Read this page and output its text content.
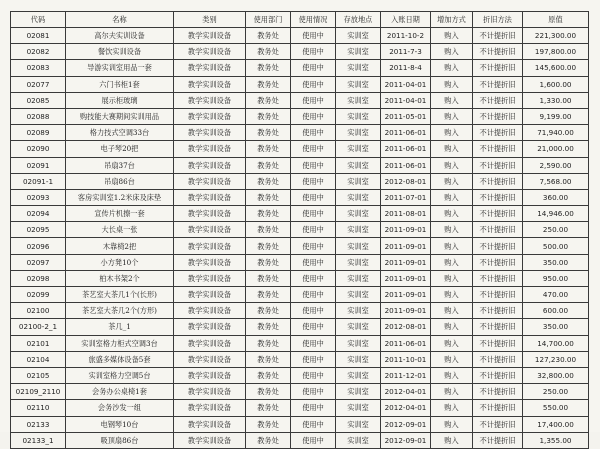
代码	名称	类别	使用部门	使用情况	存放地点	入账日期	增加方式	折旧方法	原值
02081	高尔夫实训设备	教学实训设备	教务处	使用中	实训室	2011-10-2	购入	不计提折旧	221,300.00
02082	餐饮实训设备	教学实训设备	教务处	使用中	实训室	2011-7-3	购入	不计提折旧	197,800.00
02083	导游实训室用品一套	教学实训设备	教务处	使用中	实训室	2011-8-4	购入	不计提折旧	145,600.00
02077	六门书柜1套	教学实训设备	教务处	使用中	实训室	2011-04-01	购入	不计提折旧	1,600.00
02085	展示柜玻璃	教学实训设备	教务处	使用中	实训室	2011-04-01	购入	不计提折旧	1,330.00
02088	购技能大赛期间实训用品	教学实训设备	教务处	使用中	实训室	2011-05-01	购入	不计提折旧	9,199.00
02089	格力技式空调33台	教学实训设备	教务处	使用中	实训室	2011-06-01	购入	不计提折旧	71,940.00
02090	电子琴20把	教学实训设备	教务处	使用中	实训室	2011-06-01	购入	不计提折旧	21,000.00
02091	吊扇37台	教学实训设备	教务处	使用中	实训室	2011-06-01	购入	不计提折旧	2,590.00
02091-1	吊扇86台	教学实训设备	教务处	使用中	实训室	2012-08-01	购入	不计提折旧	7,568.00
02093	客房实训室1.2米床及床垫	教学实训设备	教务处	使用中	实训室	2011-07-01	购入	不计提折旧	360.00
02094	宣传片机擦一套	教学实训设备	教务处	使用中	实训室	2011-08-01	购入	不计提折旧	14,946.00
02095	大长桌一张	教学实训设备	教务处	使用中	实训室	2011-09-01	购入	不计提折旧	250.00
02096	木靠椅2把	教学实训设备	教务处	使用中	实训室	2011-09-01	购入	不计提折旧	500.00
02097	小方凳10个	教学实训设备	教务处	使用中	实训室	2011-09-01	购入	不计提折旧	350.00
02098	柏木书架2个	教学实训设备	教务处	使用中	实训室	2011-09-01	购入	不计提折旧	950.00
02099	茶艺室大茶几1个(长形)	教学实训设备	教务处	使用中	实训室	2011-09-01	购入	不计提折旧	470.00
02100	茶艺室大茶几2个(方形)	教学实训设备	教务处	使用中	实训室	2011-09-01	购入	不计提折旧	600.00
02100-2_1	茶几_1	教学实训设备	教务处	使用中	实训室	2012-08-01	购入	不计提折旧	350.00
02101	实训室格力柜式空调3台	教学实训设备	教务处	使用中	实训室	2011-06-01	购入	不计提折旧	14,700.00
02104	旅盛多媒体设备5套	教学实训设备	教务处	使用中	实训室	2011-10-01	购入	不计提折旧	127,230.00
02105	实训室格力空调5台	教学实训设备	教务处	使用中	实训室	2011-12-01	购入	不计提折旧	32,800.00
02109_2110	会务办公桌椅1套	教学实训设备	教务处	使用中	实训室	2012-04-01	购入	不计提折旧	250.00
02110	会务沙发一组	教学实训设备	教务处	使用中	实训室	2012-04-01	购入	不计提折旧	550.00
02133	电钢琴10台	教学实训设备	教务处	使用中	实训室	2012-09-01	购入	不计提折旧	17,400.00
02133_1	吸顶扇86台	教学实训设备	教务处	使用中	实训室	2012-09-01	购入	不计提折旧	1,355.00
